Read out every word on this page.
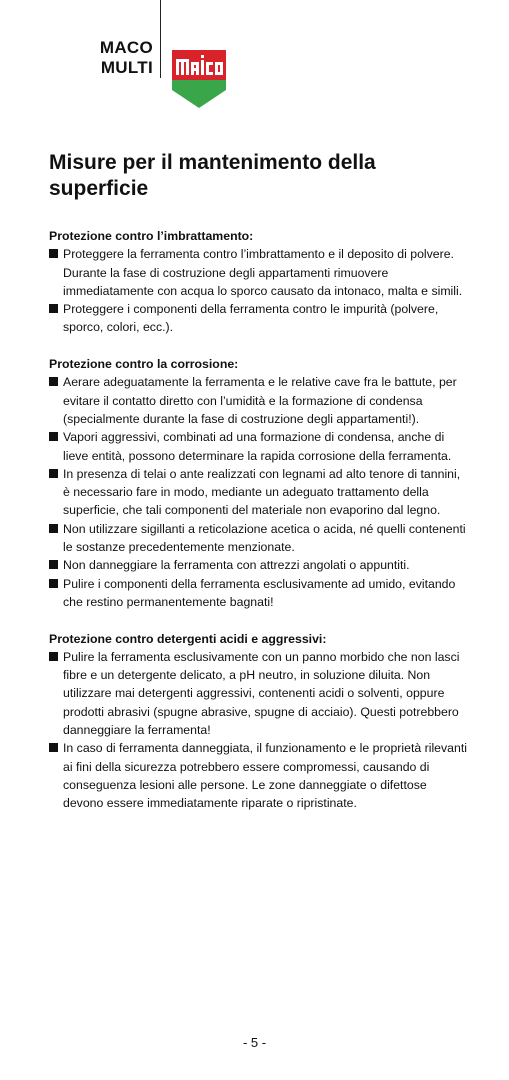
MACO
MULTI
Misure per il mantenimento della superficie
Protezione contro l’imbrattamento:
Proteggere la ferramenta contro l’imbrattamento e il deposito di polvere. Durante la fase di costruzione degli appartamenti rimuovere immediatamente con acqua lo sporco causato da intonaco, malta e simili.
Proteggere i componenti della ferramenta contro le impurità (polvere, sporco, colori, ecc.).
Protezione contro la corrosione:
Aerare adeguatamente la ferramenta e le relative cave fra le battute, per evitare il contatto diretto con l’umidità e la formazione di condensa (specialmente durante la fase di costruzione degli appartamenti!).
Vapori aggressivi, combinati ad una formazione di condensa, anche di lieve entità, possono determinare la rapida corrosione della ferramenta.
In presenza di telai o ante realizzati con legnami ad alto tenore di tannini, è necessario fare in modo, mediante un adeguato trattamento della superficie, che tali componenti del materiale non evaporino dal legno.
Non utilizzare sigillanti a reticolazione acetica o acida, né quelli contenenti le sostanze precedentemente menzionate.
Non danneggiare la ferramenta con attrezzi angolati o appuntiti.
Pulire i componenti della ferramenta esclusivamente ad umido, evitando che restino permanentemente bagnati!
Protezione contro detergenti acidi e aggressivi:
Pulire la ferramenta esclusivamente con un panno morbido che non lasci fibre e un detergente delicato, a pH neutro, in soluzione diluita. Non utilizzare mai detergenti aggressivi, contenenti acidi o solventi, oppure prodotti abrasivi (spugne abrasive, spugne di acciaio). Questi potrebbero danneggiare la ferramenta!
In caso di ferramenta danneggiata, il funzionamento e le proprietà rilevanti ai fini della sicurezza potrebbero essere compromessi, causando di conseguenza lesioni alle persone. Le zone danneggiate o difettose devono essere immediatamente riparate o ripristinate.
- 5 -
